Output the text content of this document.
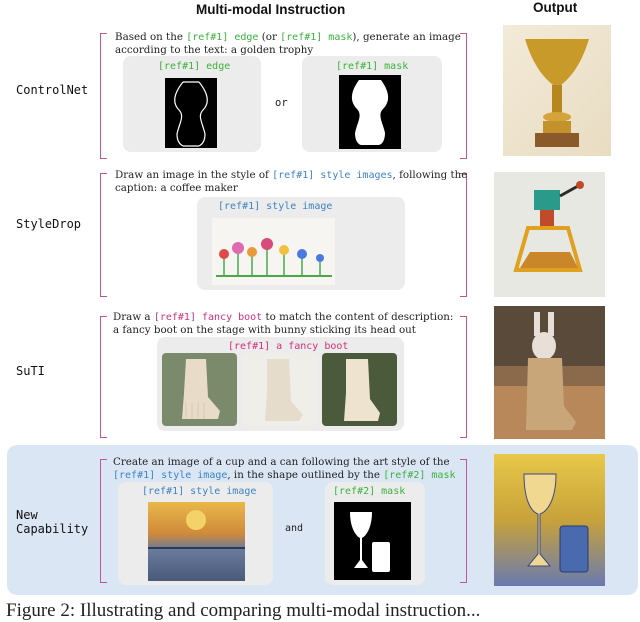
Multi-modal Instruction	Output
ControlNet
Based on the [ref#1] edge (or [ref#1] mask), generate an image
according to the text: a golden trophy
[ref#1] edge
or
[ref#1] mask
StyleDrop
Draw an image in the style of [ref#1] style images, following the
caption: a coffee maker
[ref#1] style image
SuTI
Draw a [ref#1] fancy boot to match the content of description:
a fancy boot on the stage with bunny sticking its head out
[ref#1] a fancy boot
New
Capability
Create an image of a cup and a can following the art style of the
[ref#1] style image, in the shape outlined by the [ref#2] mask
[ref#1] style image
and
[ref#2] mask
Figure 2: Illustrating and comparing multi-modal instruction...
